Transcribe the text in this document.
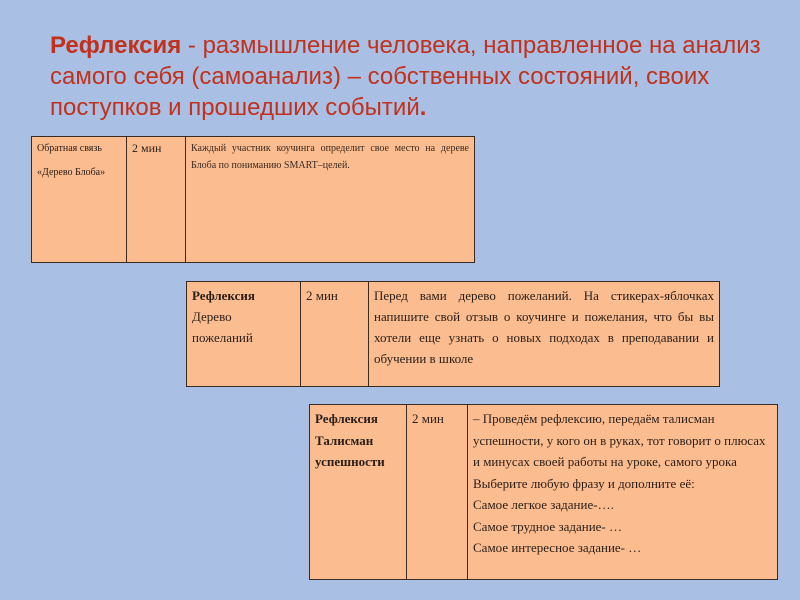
Рефлексия - размышление человека, направленное на анализ самого себя (самоанализ) – собственных состояний, своих поступков и прошедших событий.

Обратная связь
«Дерево Блоба»
	2 мин	Каждый участник коучинга определит свое место на дереве Блоба по пониманию SMART–целей.
Рефлексия Дерево пожеланий	2 мин	Перед вами дерево пожеланий. На стикерах-яблочках напишите свой отзыв о коучинге и пожелания, что бы вы хотели еще узнать о новых подходах в преподавании и обучении в школе
Рефлексия Талисман успешности	2 мин	– Проведём рефлексию, передаём талисман успешности, у кого он в руках, тот говорит о плюсах и минусах своей работы на уроке, самого урока
Выберите любую фразу и дополните её:
Самое легкое задание-….
Самое трудное задание- …
Самое интересное задание- …
